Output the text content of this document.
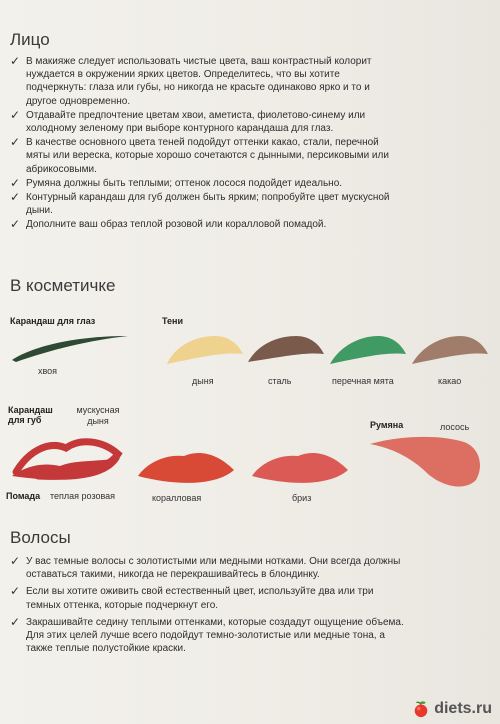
Лицо
✓ В макияже следует использовать чистые цвета, ваш контрастный колорит нуждается в окружении ярких цветов. Определитесь, что вы хотите подчеркнуть: глаза или губы, но никогда не красьте одинаково ярко и то и другое одновременно.
✓ Отдавайте предпочтение цветам хвои, аметиста, фиолетово-синему или холодному зеленому при выборе контурного карандаша для глаз.
✓ В качестве основного цвета теней подойдут оттенки какао, стали, перечной мяты или вереска, которые хорошо сочетаются с дынными, персиковыми или абрикосовыми.
✓ Румяна должны быть теплыми; оттенок лосося подойдет идеально.
✓ Контурный карандаш для губ должен быть ярким; попробуйте цвет мускусной дыни.
✓ Дополните ваш образ теплой розовой или коралловой помадой.
В косметичке
Карандаш для глаз
хвоя
Тени
дыня	сталь	перечная мята	какао
Карандаш для губ
мускусная дыня
Помада теплая розовая	коралловая	бриз
Румяна	лосось
Волосы
✓ У вас темные волосы с золотистыми или медными нотками. Они всегда должны оставаться такими, никогда не перекрашивайтесь в блондинку.
✓ Если вы хотите оживить свой естественный цвет, используйте два или три темных оттенка, которые подчеркнут его.
✓ Закрашивайте седину теплыми оттенками, которые создадут ощущение объема. Для этих целей лучше всего подойдут темно-золотистые или медные тона, а также теплые полустойкие краски.
diets.ru
